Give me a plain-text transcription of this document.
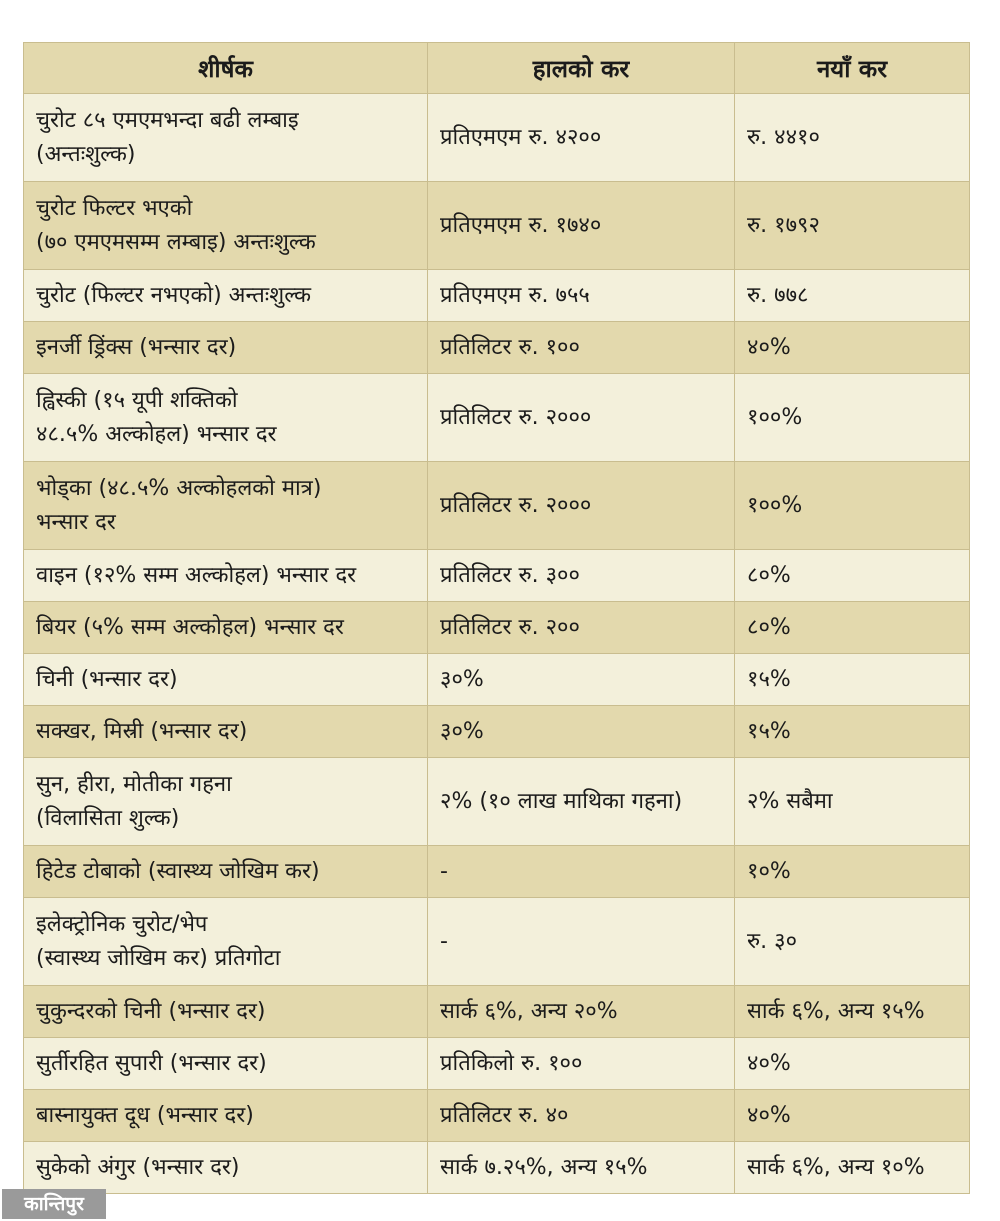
शीर्षक	हालको कर	नयाँ कर

चुरोट ८५ एमएमभन्दा बढी लम्बाइ
(अन्तःशुल्क)	प्रतिएमएम रु. ४२००	रु. ४४१०

चुरोट फिल्टर भएको
(७० एमएमसम्म लम्बाइ) अन्तःशुल्क	प्रतिएमएम रु. १७४०	रु. १७९२

चुरोट (फिल्टर नभएको) अन्तःशुल्क	प्रतिएमएम रु. ७५५	रु. ७७८

इनर्जी ड्रिंक्स (भन्सार दर)	प्रतिलिटर रु. १००	४०%

ह्विस्की (१५ यूपी शक्तिको
४८.५% अल्कोहल) भन्सार दर	प्रतिलिटर रु. २०००	१००%

भोड्का (४८.५% अल्कोहलको मात्र)
भन्सार दर	प्रतिलिटर रु. २०००	१००%

वाइन (१२% सम्म अल्कोहल) भन्सार दर	प्रतिलिटर रु. ३००	८०%

बियर (५% सम्म अल्कोहल) भन्सार दर	प्रतिलिटर रु. २००	८०%

चिनी (भन्सार दर)	३०%	१५%

सक्खर, मिस्री (भन्सार दर)	३०%	१५%

सुन, हीरा, मोतीका गहना
(विलासिता शुल्क)	२% (१० लाख माथिका गहना)	२% सबैमा

हिटेड टोबाको (स्वास्थ्य जोखिम कर)	-	१०%

इलेक्ट्रोनिक चुरोट/भेप
(स्वास्थ्य जोखिम कर) प्रतिगोटा	-	रु. ३०

चुकुन्दरको चिनी (भन्सार दर)	सार्क ६%, अन्य २०%	सार्क ६%, अन्य १५%

सुर्तीरहित सुपारी (भन्सार दर)	प्रतिकिलो रु. १००	४०%

बास्नायुक्त दूध (भन्सार दर)	प्रतिलिटर रु. ४०	४०%

सुकेको अंगुर (भन्सार दर)	सार्क ७.२५%, अन्य १५%	सार्क ६%, अन्य १०%
कान्तिपुर
